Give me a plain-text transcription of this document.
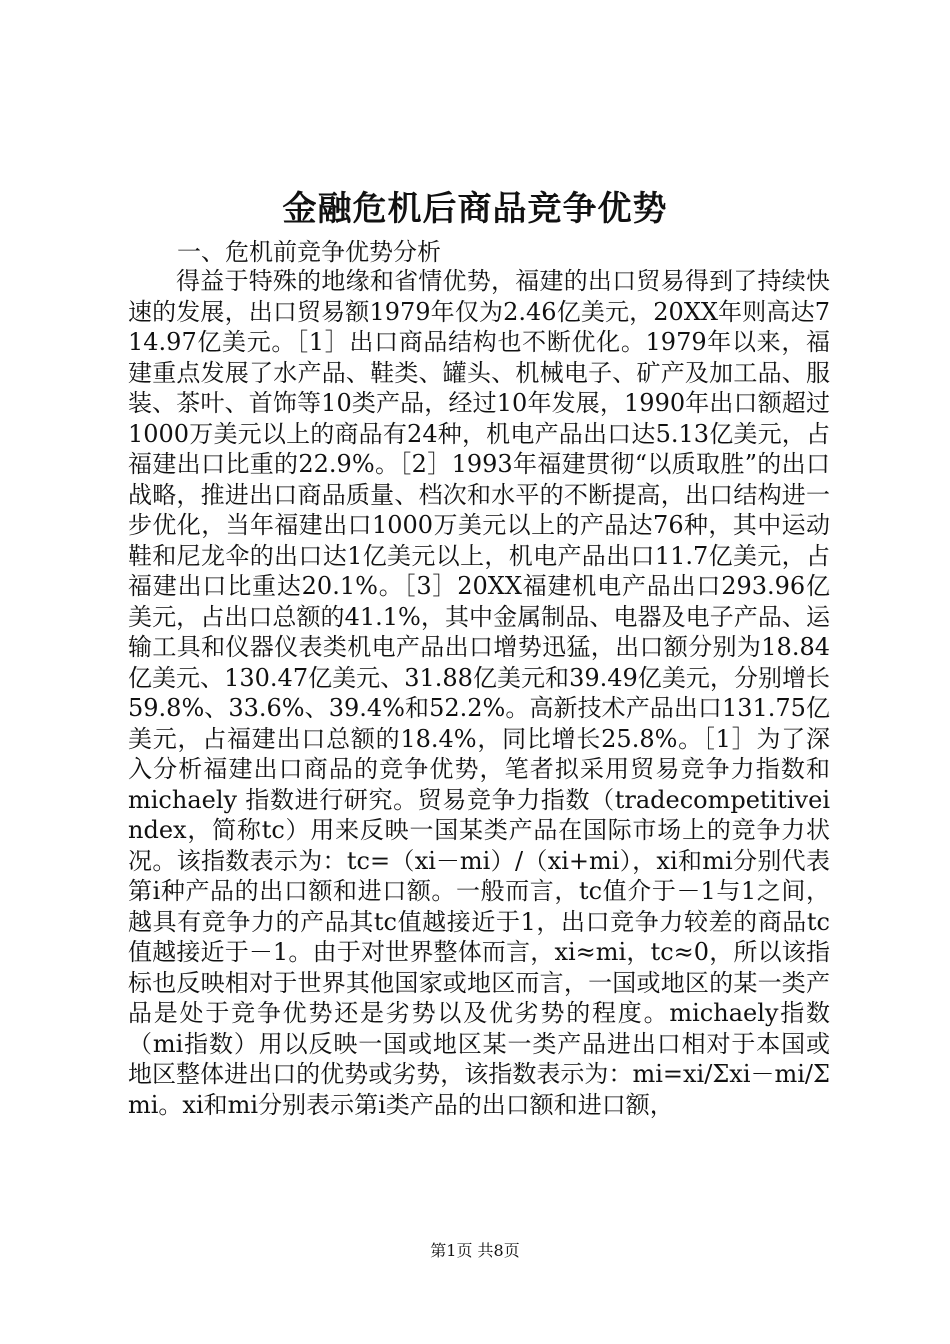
金融危机后商品竞争优势

一、危机前竞争优势分析

得益于特殊的地缘和省情优势，福建的出口贸易得到了持续快速的发展，出口贸易额1979年仅为2.46亿美元，20XX年则高达714.97亿美元。［1］出口商品结构也不断优化。1979年以来，福建重点发展了水产品、鞋类、罐头、机械电子、矿产及加工品、服装、茶叶、首饰等10类产品，经过10年发展，1990年出口额超过1000万美元以上的商品有24种，机电产品出口达5.13亿美元，占福建出口比重的22.9%。［2］1993年福建贯彻“以质取胜”的出口战略，推进出口商品质量、档次和水平的不断提高，出口结构进一步优化，当年福建出口1000万美元以上的产品达76种，其中运动鞋和尼龙伞的出口达1亿美元以上，机电产品出口11.7亿美元，占福建出口比重达20.1%。［3］20XX福建机电产品出口293.96亿美元，占出口总额的41.1%，其中金属制品、电器及电子产品、运输工具和仪器仪表类机电产品出口增势迅猛，出口额分别为18.84亿美元、130.47亿美元、31.88亿美元和39.49亿美元，分别增长59.8%、33.6%、39.4%和52.2%。高新技术产品出口131.75亿美元，占福建出口总额的18.4%，同比增长25.8%。［1］为了深入分析福建出口商品的竞争优势，笔者拟采用贸易竞争力指数和 michaely 指数进行研究。贸易竞争力指数（tradecompetitiveindex，简称tc）用来反映一国某类产品在国际市场上的竞争力状况。该指数表示为：tc=（xi－mi）/（xi+mi），xi和mi分别代表第i种产品的出口额和进口额。一般而言，tc值介于－1与1之间，越具有竞争力的产品其tc值越接近于1，出口竞争力较差的商品tc值越接近于－1。由于对世界整体而言，xi≈mi，tc≈0，所以该指标也反映相对于世界其他国家或地区而言，一国或地区的某一类产品是处于竞争优势还是劣势以及优劣势的程度。michaely指数（mi指数）用以反映一国或地区某一类产品进出口相对于本国或地区整体进出口的优势或劣势，该指数表示为：mi=xi/Σxi－mi/Σmi。xi和mi分别表示第i类产品的出口额和进口额，

第1页 共8页
